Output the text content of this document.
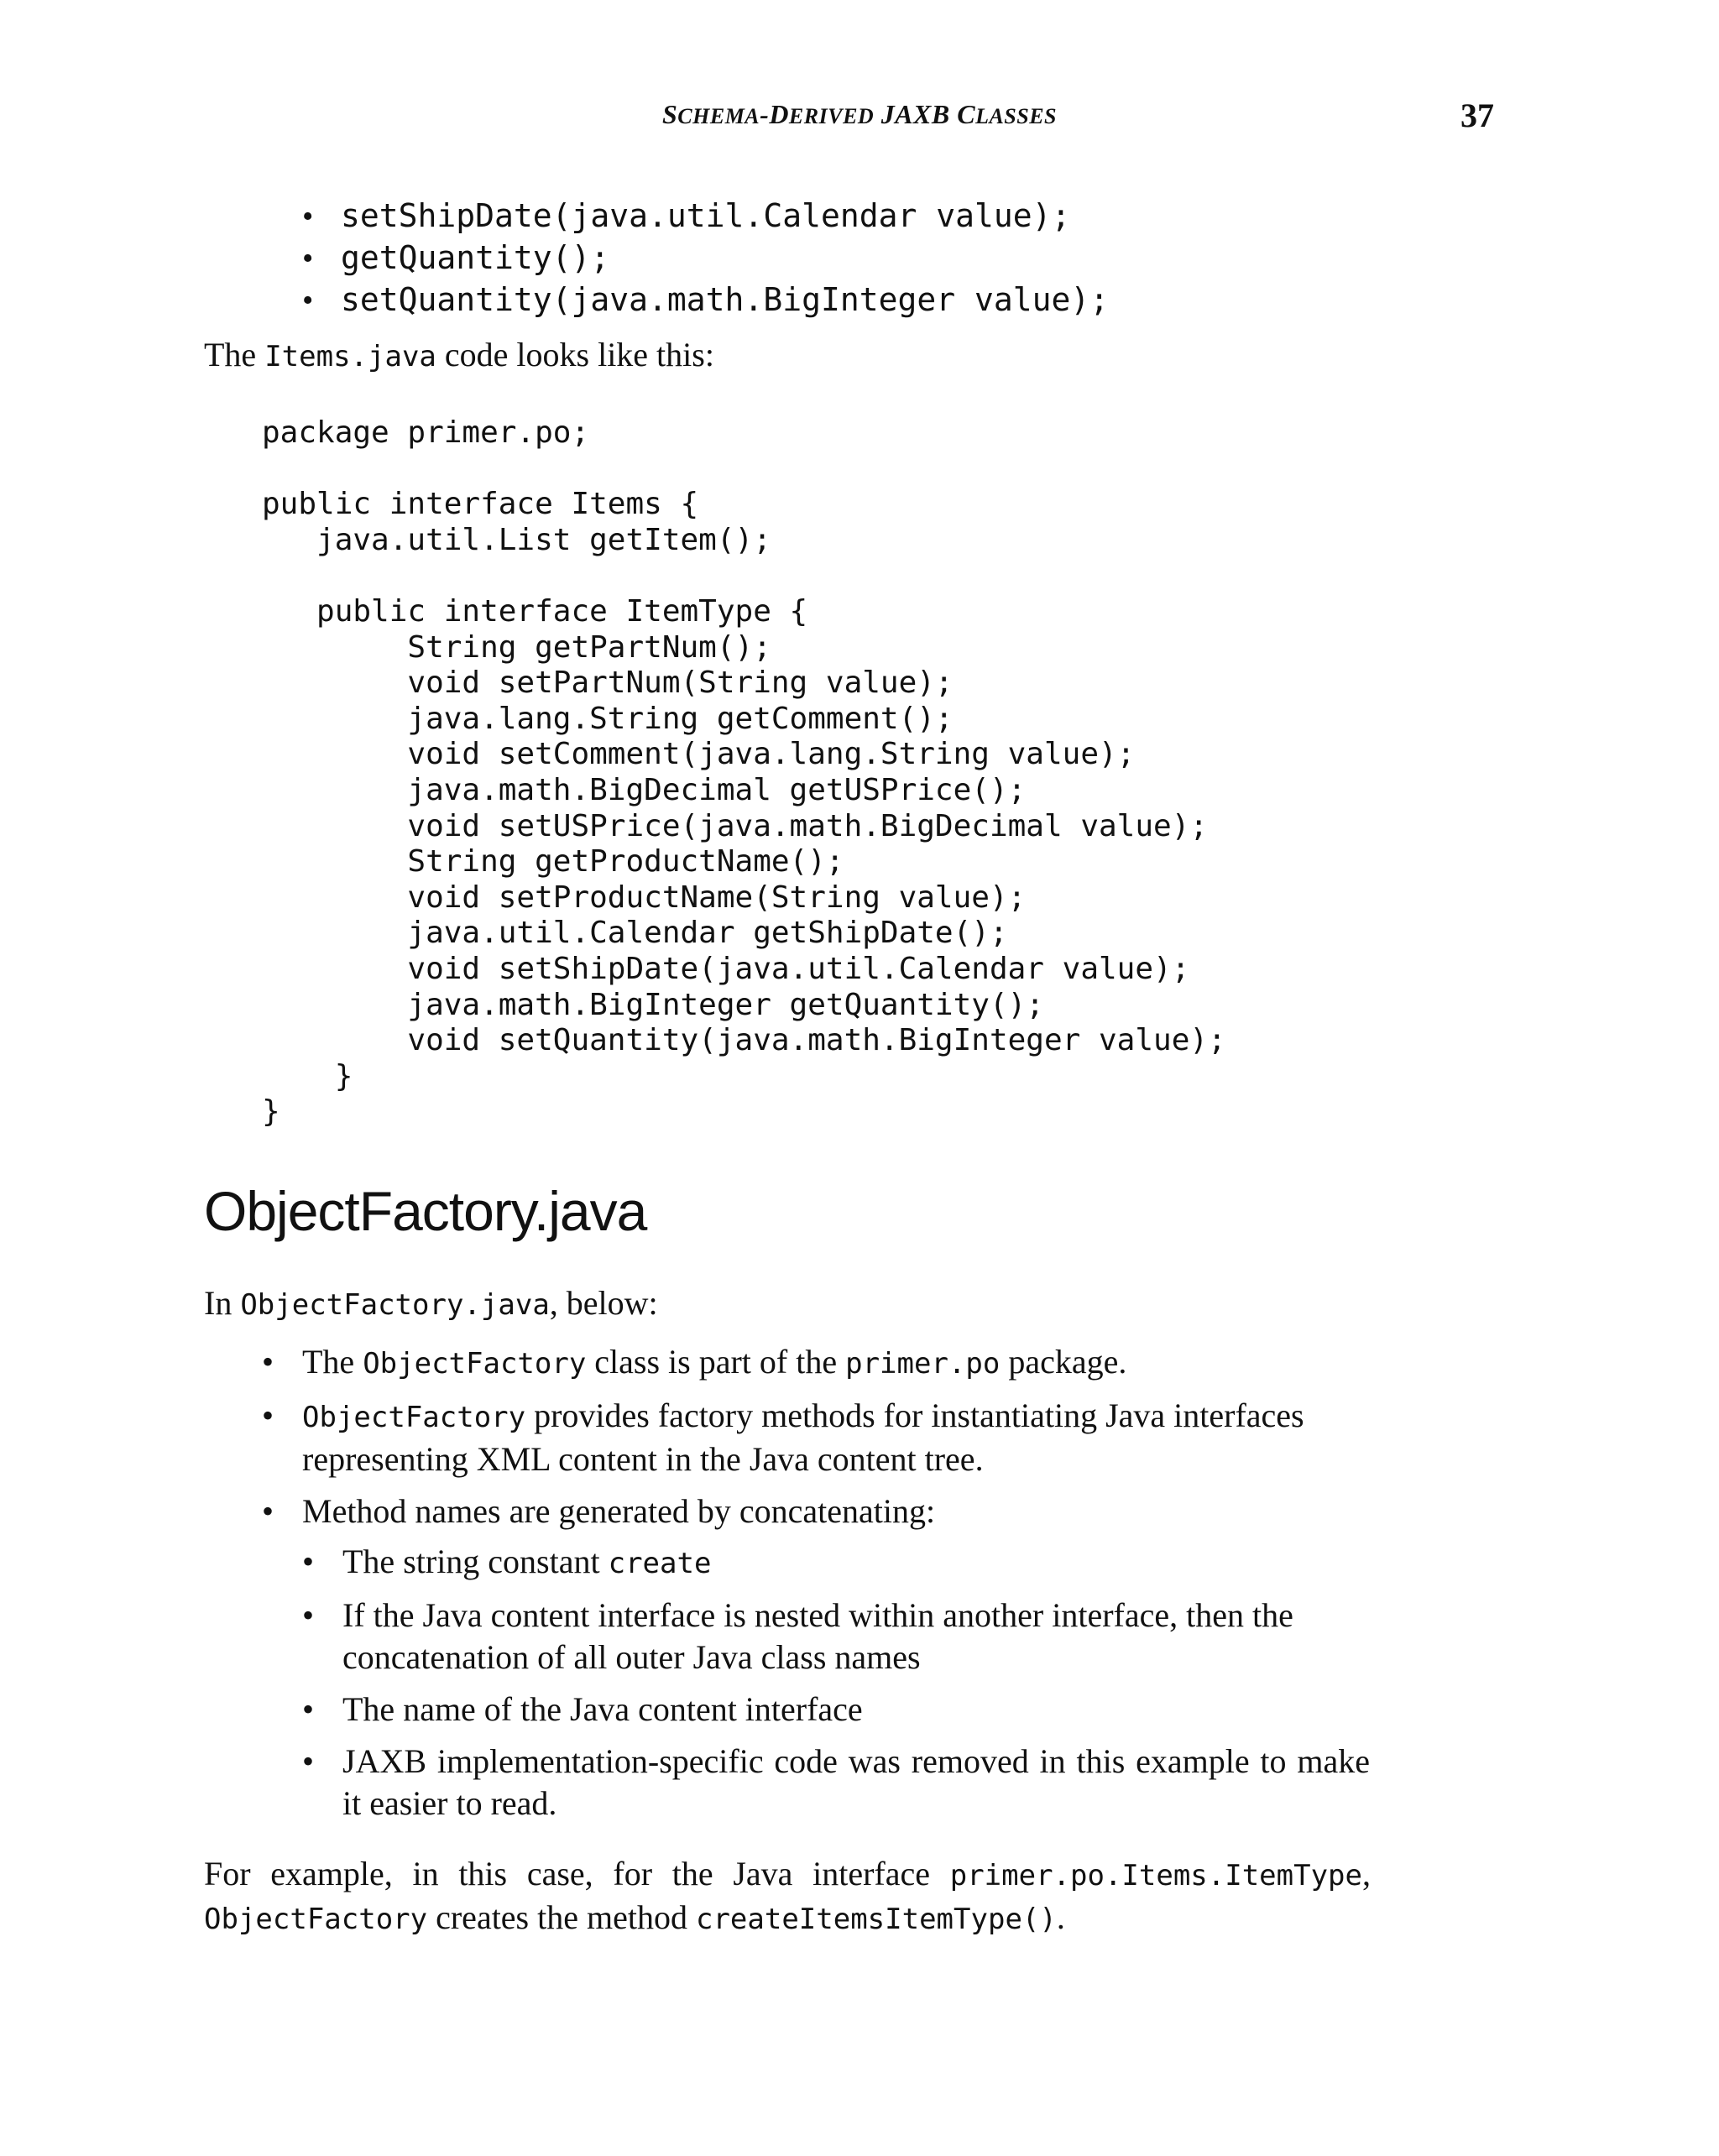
SCHEMA-DERIVED JAXB CLASSES	37
• setShipDate(java.util.Calendar value);
• getQuantity();
• setQuantity(java.math.BigInteger value);
The Items.java code looks like this:
package primer.po;

public interface Items {
java.util.List getItem();

public interface ItemType {
String getPartNum();
void setPartNum(String value);
java.lang.String getComment();
void setComment(java.lang.String value);
java.math.BigDecimal getUSPrice();
void setUSPrice(java.math.BigDecimal value);
String getProductName();
void setProductName(String value);
java.util.Calendar getShipDate();
void setShipDate(java.util.Calendar value);
java.math.BigInteger getQuantity();
void setQuantity(java.math.BigInteger value);
}
}
ObjectFactory.java
In ObjectFactory.java, below:
• The ObjectFactory class is part of the primer.po package.
• ObjectFactory provides factory methods for instantiating Java interfaces representing XML content in the Java content tree.
• Method names are generated by concatenating:
• The string constant create
• If the Java content interface is nested within another interface, then the concatenation of all outer Java class names
• The name of the Java content interface
• JAXB implementation-specific code was removed in this example to make it easier to read.
For example, in this case, for the Java interface primer.po.Items.ItemType, ObjectFactory creates the method createItemsItemType().
